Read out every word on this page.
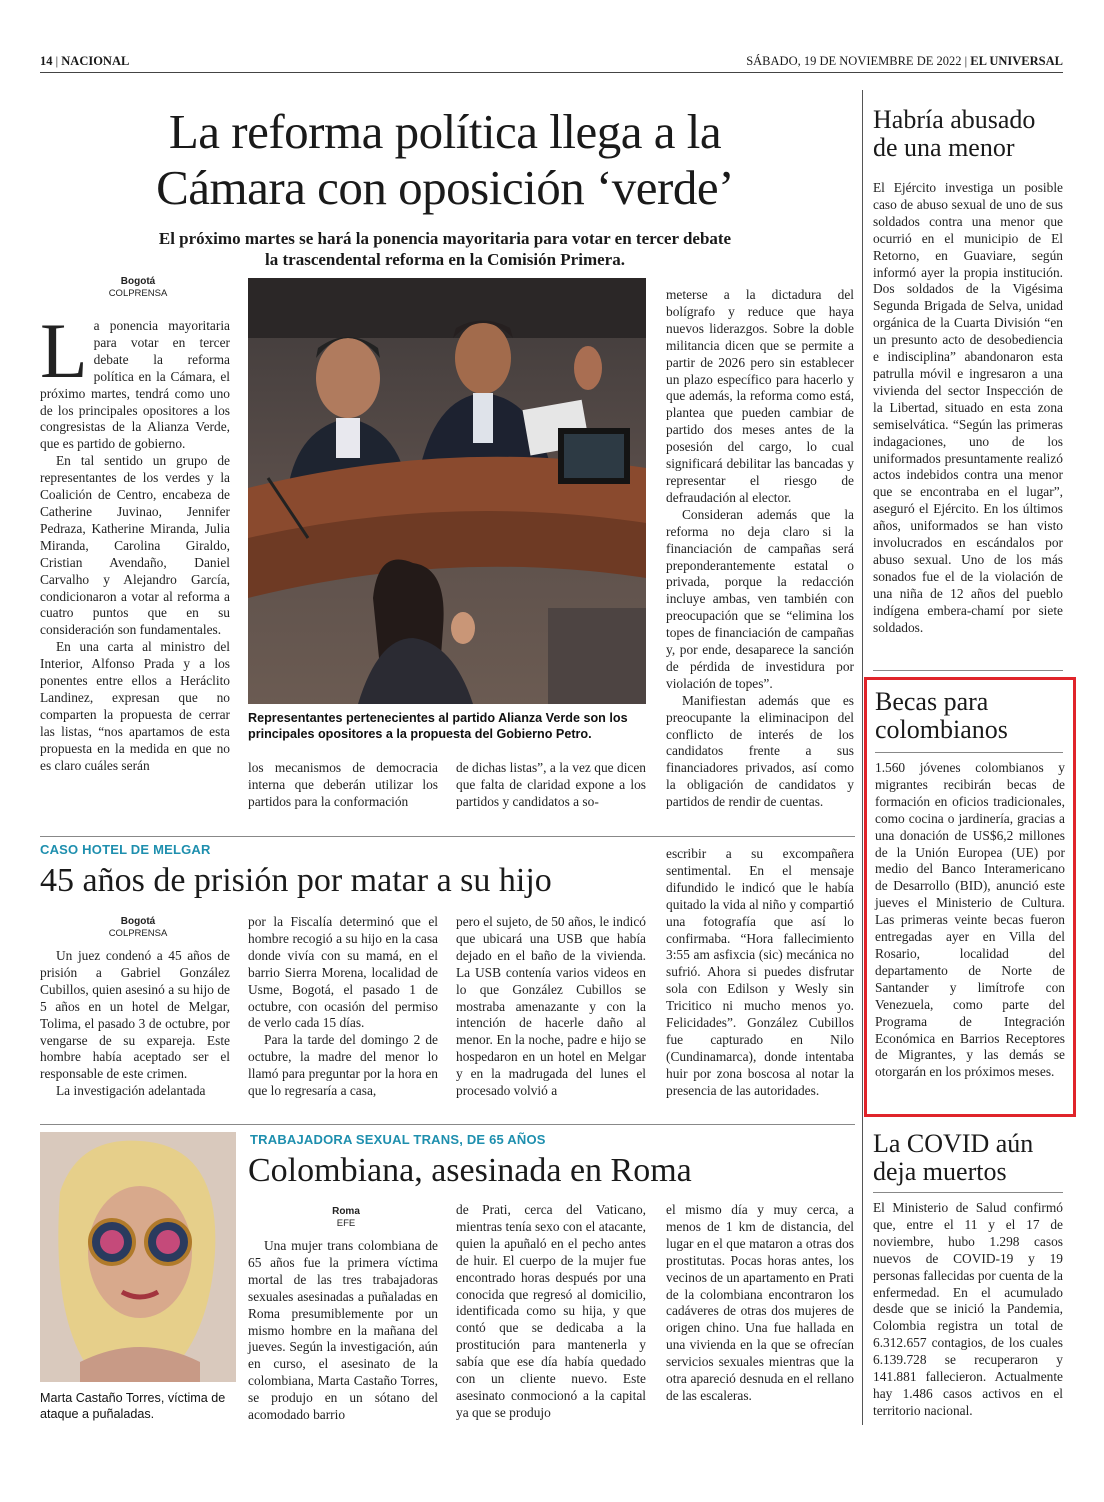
14 | NACIONAL	SÁBADO, 19 DE NOVIEMBRE DE 2022 | EL UNIVERSAL
La reforma política llega a la
Cámara con oposición ‘verde’
El próximo martes se hará la ponencia mayoritaria para votar en tercer debate
la trascendental reforma en la Comisión Primera.
Bogotá
COLPRENSA

La ponencia mayoritaria para votar en tercer debate la reforma política en la Cámara, el próximo martes, tendrá como uno de los principales opositores a los congresistas de la Alianza Verde, que es partido de gobierno.

En tal sentido un grupo de representantes de los verdes y la Coalición de Centro, encabeza de Catherine Juvinao, Jennifer Pedraza, Katherine Miranda, Julia Miranda, Carolina Giraldo, Cristian Avendaño, Daniel Carvalho y Alejandro García, condicionaron a votar al reforma a cuatro puntos que en su consideración son fundamentales.

En una carta al ministro del Interior, Alfonso Prada y a los ponentes entre ellos a Heráclito Landinez, expresan que no comparten la propuesta de cerrar las listas, “nos apartamos de esta propuesta en la medida en que no es claro cuáles serán

Representantes pertenecientes al partido Alianza Verde son los principales opositores a la propuesta del Gobierno Petro.

los mecanismos de democracia interna que deberán utilizar los partidos para la conformación

de dichas listas”, a la vez que dicen que falta de claridad expone a los partidos y candidatos a so-

meterse a la dictadura del bolígrafo y reduce que haya nuevos liderazgos. Sobre la doble militancia dicen que se permite a partir de 2026 pero sin establecer un plazo específico para hacerlo y que además, la reforma como está, plantea que pueden cambiar de partido dos meses antes de la posesión del cargo, lo cual significará debilitar las bancadas y representar el riesgo de defraudación al elector.

Consideran además que la reforma no deja claro si la financiación de campañas será preponderantemente estatal o privada, porque la redacción incluye ambas, ven también con preocupación que se “elimina los topes de financiación de campañas y, por ende, desaparece la sanción de pérdida de investidura por violación de topes”.

Manifiestan además que es preocupante la eliminacipon del conflicto de interés de los candidatos frente a sus financiadores privados, así como la obligación de candidatos y partidos de rendir de cuentas.

CASO HOTEL DE MELGAR
45 años de prisión por matar a su hijo
Bogotá
COLPRENSA

Un juez condenó a 45 años de prisión a Gabriel González Cubillos, quien asesinó a su hijo de 5 años en un hotel de Melgar, Tolima, el pasado 3 de octubre, por vengarse de su expareja. Este hombre había aceptado ser el responsable de este crimen.

La investigación adelantada

por la Fiscalía determinó que el hombre recogió a su hijo en la casa donde vivía con su mamá, en el barrio Sierra Morena, localidad de Usme, Bogotá, el pasado 1 de octubre, con ocasión del permiso de verlo cada 15 días.

Para la tarde del domingo 2 de octubre, la madre del menor lo llamó para preguntar por la hora en que lo regresaría a casa,

pero el sujeto, de 50 años, le indicó que ubicará una USB que había dejado en el baño de la vivienda. La USB contenía varios videos en lo que González Cubillos se mostraba amenazante y con la intención de hacerle daño al menor. En la noche, padre e hijo se hospedaron en un hotel en Melgar y en la madrugada del lunes el procesado volvió a

escribir a su excompañera sentimental. En el mensaje difundido le indicó que le había quitado la vida al niño y compartió una fotografía que así lo confirmaba. “Hora fallecimiento 3:55 am asfixcia (sic) mecánica no sufrió. Ahora si puedes disfrutar sola con Edilson y Wesly sin Tricitico ni mucho menos yo. Felicidades”. González Cubillos fue capturado en Nilo (Cundinamarca), donde intentaba huir por zona boscosa al notar la presencia de las autoridades.

Marta Castaño Torres, víctima de ataque a puñaladas.
TRABAJADORA SEXUAL TRANS, DE 65 AÑOS
Colombiana, asesinada en Roma
Roma
EFE

Una mujer trans colombiana de 65 años fue la primera víctima mortal de las tres trabajadoras sexuales asesinadas a puñaladas en Roma presumiblemente por un mismo hombre en la mañana del jueves. Según la investigación, aún en curso, el asesinato de la colombiana, Marta Castaño Torres, se produjo en un sótano del acomodado barrio

de Prati, cerca del Vaticano, mientras tenía sexo con el atacante, quien la apuñaló en el pecho antes de huir. El cuerpo de la mujer fue encontrado horas después por una conocida que regresó al domicilio, identificada como su hija, y que contó que se dedicaba a la prostitución para mantenerla y sabía que ese día había quedado con un cliente nuevo. Este asesinato conmocionó a la capital ya que se produjo

el mismo día y muy cerca, a menos de 1 km de distancia, del lugar en el que mataron a otras dos prostitutas. Pocas horas antes, los vecinos de un apartamento en Prati de la colombiana encontraron los cadáveres de otras dos mujeres de origen chino. Una fue hallada en una vivienda en la que se ofrecían servicios sexuales mientras que la otra apareció desnuda en el rellano de las escaleras.

Habría abusado de una menor

El Ejército investiga un posible caso de abuso sexual de uno de sus soldados contra una menor que ocurrió en el municipio de El Retorno, en Guaviare, según informó ayer la propia institución. Dos soldados de la Vigésima Segunda Brigada de Selva, unidad orgánica de la Cuarta División “en un presunto acto de desobediencia e indisciplina” abandonaron esta patrulla móvil e ingresaron a una vivienda del sector Inspección de la Libertad, situado en esta zona semiselvática. “Según las primeras indagaciones, uno de los uniformados presuntamente realizó actos indebidos contra una menor que se encontraba en el lugar”, aseguró el Ejército. En los últimos años, uniformados se han visto involucrados en escándalos por abuso sexual. Uno de los más sonados fue el de la violación de una niña de 12 años del pueblo indígena embera-chamí por siete soldados.

Becas para colombianos

1.560 jóvenes colombianos y migrantes recibirán becas de formación en oficios tradicionales, como cocina o jardinería, gracias a una donación de US$6,2 millones de la Unión Europea (UE) por medio del Banco Interamericano de Desarrollo (BID), anunció este jueves el Ministerio de Cultura. Las primeras veinte becas fueron entregadas ayer en Villa del Rosario, localidad del departamento de Norte de Santander y limítrofe con Venezuela, como parte del Programa de Integración Económica en Barrios Receptores de Migrantes, y las demás se otorgarán en los próximos meses.

La COVID aún deja muertos

El Ministerio de Salud confirmó que, entre el 11 y el 17 de noviembre, hubo 1.298 casos nuevos de COVID-19 y 19 personas fallecidas por cuenta de la enfermedad. En el acumulado desde que se inició la Pandemia, Colombia registra un total de 6.312.657 contagios, de los cuales 6.139.728 se recuperaron y 141.881 fallecieron. Actualmente hay 1.486 casos activos en el territorio nacional.
